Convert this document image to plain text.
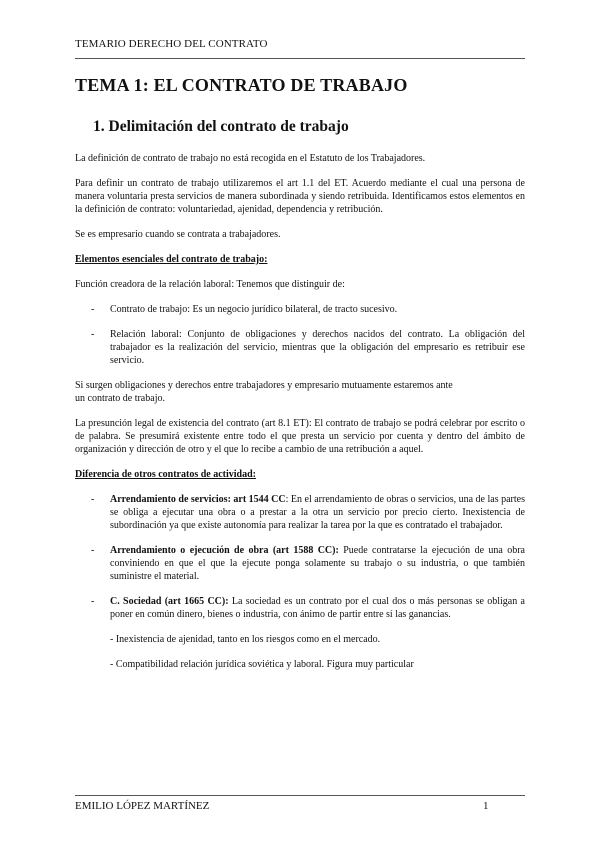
TEMARIO DERECHO DEL CONTRATO
TEMA 1: EL CONTRATO DE TRABAJO
1. Delimitación del contrato de trabajo

La definición de contrato de trabajo no está recogida en el Estatuto de los Trabajadores.

Para definir un contrato de trabajo utilizaremos el art 1.1 del ET. Acuerdo mediante el cual una persona de manera voluntaria presta servicios de manera subordinada y siendo retribuida. Identificamos estos elementos en la definición de contrato: voluntariedad, ajenidad, dependencia y retribución.

Se es empresario cuando se contrata a trabajadores.

Elementos esenciales del contrato de trabajo:

Función creadora de la relación laboral: Tenemos que distinguir de:

- Contrato de trabajo: Es un negocio jurídico bilateral, de tracto sucesivo.
- Relación laboral: Conjunto de obligaciones y derechos nacidos del contrato. La obligación del trabajador es la realización del servicio, mientras que la obligación del empresario es retribuir ese servicio.

Si surgen obligaciones y derechos entre trabajadores y empresario mutuamente estaremos ante
un contrato de trabajo.

La presunción legal de existencia del contrato (art 8.1 ET): El contrato de trabajo se podrá celebrar por escrito o de palabra. Se presumirá existente entre todo el que presta un servicio por cuenta y dentro del ámbito de organización y dirección de otro y el que lo recibe a cambio de una retribución a aquel.

Diferencia de otros contratos de actividad:

- Arrendamiento de servicios: art 1544 CC: En el arrendamiento de obras o servicios, una de las partes se obliga a ejecutar una obra o a prestar a la otra un servicio por precio cierto. Inexistencia de subordinación ya que existe autonomía para realizar la tarea por la que es contratado el trabajador.
- Arrendamiento o ejecución de obra (art 1588 CC): Puede contratarse la ejecución de una obra conviniendo en que el que la ejecute ponga solamente su trabajo o su industria, o que también suministre el material.
- C. Sociedad (art 1665 CC): La sociedad es un contrato por el cual dos o más personas se obligan a poner en común dinero, bienes o industria, con ánimo de partir entre sí las ganancias.

- Inexistencia de ajenidad, tanto en los riesgos como en el mercado.

- Compatibilidad relación jurídica soviética y laboral. Figura muy particular

EMILIO LÓPEZ MARTÍNEZ	1
